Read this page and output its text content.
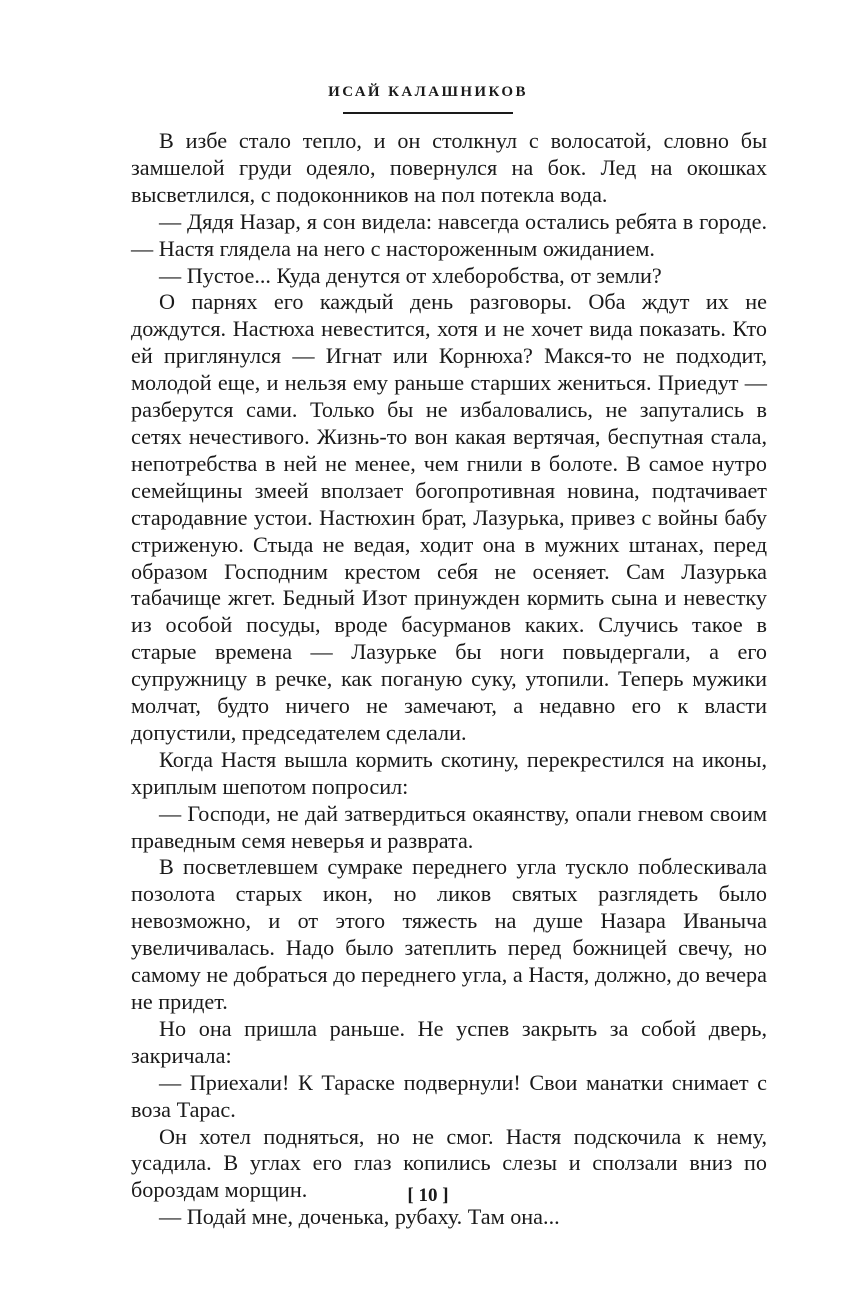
ИСАЙ КАЛАШНИКОВ

В избе стало тепло, и он столкнул с волосатой, словно бы замшелой груди одеяло, повернулся на бок. Лед на окошках высветлился, с подоконников на пол потекла вода.

— Дядя Назар, я сон видела: навсегда остались ребята в городе. — Настя глядела на него с настороженным ожиданием.

— Пустое... Куда денутся от хлеборобства, от земли?

О парнях его каждый день разговоры. Оба ждут их не дождутся. Настюха невестится, хотя и не хочет вида показать. Кто ей приглянулся — Игнат или Корнюха? Макся-то не подходит, молодой еще, и нельзя ему раньше старших жениться. Приедут — разберутся сами. Только бы не избаловались, не запутались в сетях нечестивого. Жизнь-то вон какая вертячая, беспутная стала, непотребства в ней не менее, чем гнили в болоте. В самое нутро семейщины змеей вползает богопротивная новина, подтачивает стародавние устои. Настюхин брат, Лазурька, привез с войны бабу стриженую. Стыда не ведая, ходит она в мужних штанах, перед образом Господним крестом себя не осеняет. Сам Лазурька табачище жгет. Бедный Изот принужден кормить сына и невестку из особой посуды, вроде басурманов каких. Случись такое в старые времена — Лазурьке бы ноги повыдергали, а его супружницу в речке, как поганую суку, утопили. Теперь мужики молчат, будто ничего не замечают, а недавно его к власти допустили, председателем сделали.

Когда Настя вышла кормить скотину, перекрестился на иконы, хриплым шепотом попросил:

— Господи, не дай затвердиться окаянству, опали гневом своим праведным семя неверья и разврата.

В посветлевшем сумраке переднего угла тускло поблескивала позолота старых икон, но ликов святых разглядеть было невозможно, и от этого тяжесть на душе Назара Иваныча увеличивалась. Надо было затеплить перед божницей свечу, но самому не добраться до переднего угла, а Настя, должно, до вечера не придет.

Но она пришла раньше. Не успев закрыть за собой дверь, закричала:

— Приехали! К Тараске подвернули! Свои манатки снимает с воза Тарас.

Он хотел подняться, но не смог. Настя подскочила к нему, усадила. В углах его глаз копились слезы и сползали вниз по бороздам морщин.

— Подай мне, доченька, рубаху. Там она...

[ 10 ]
